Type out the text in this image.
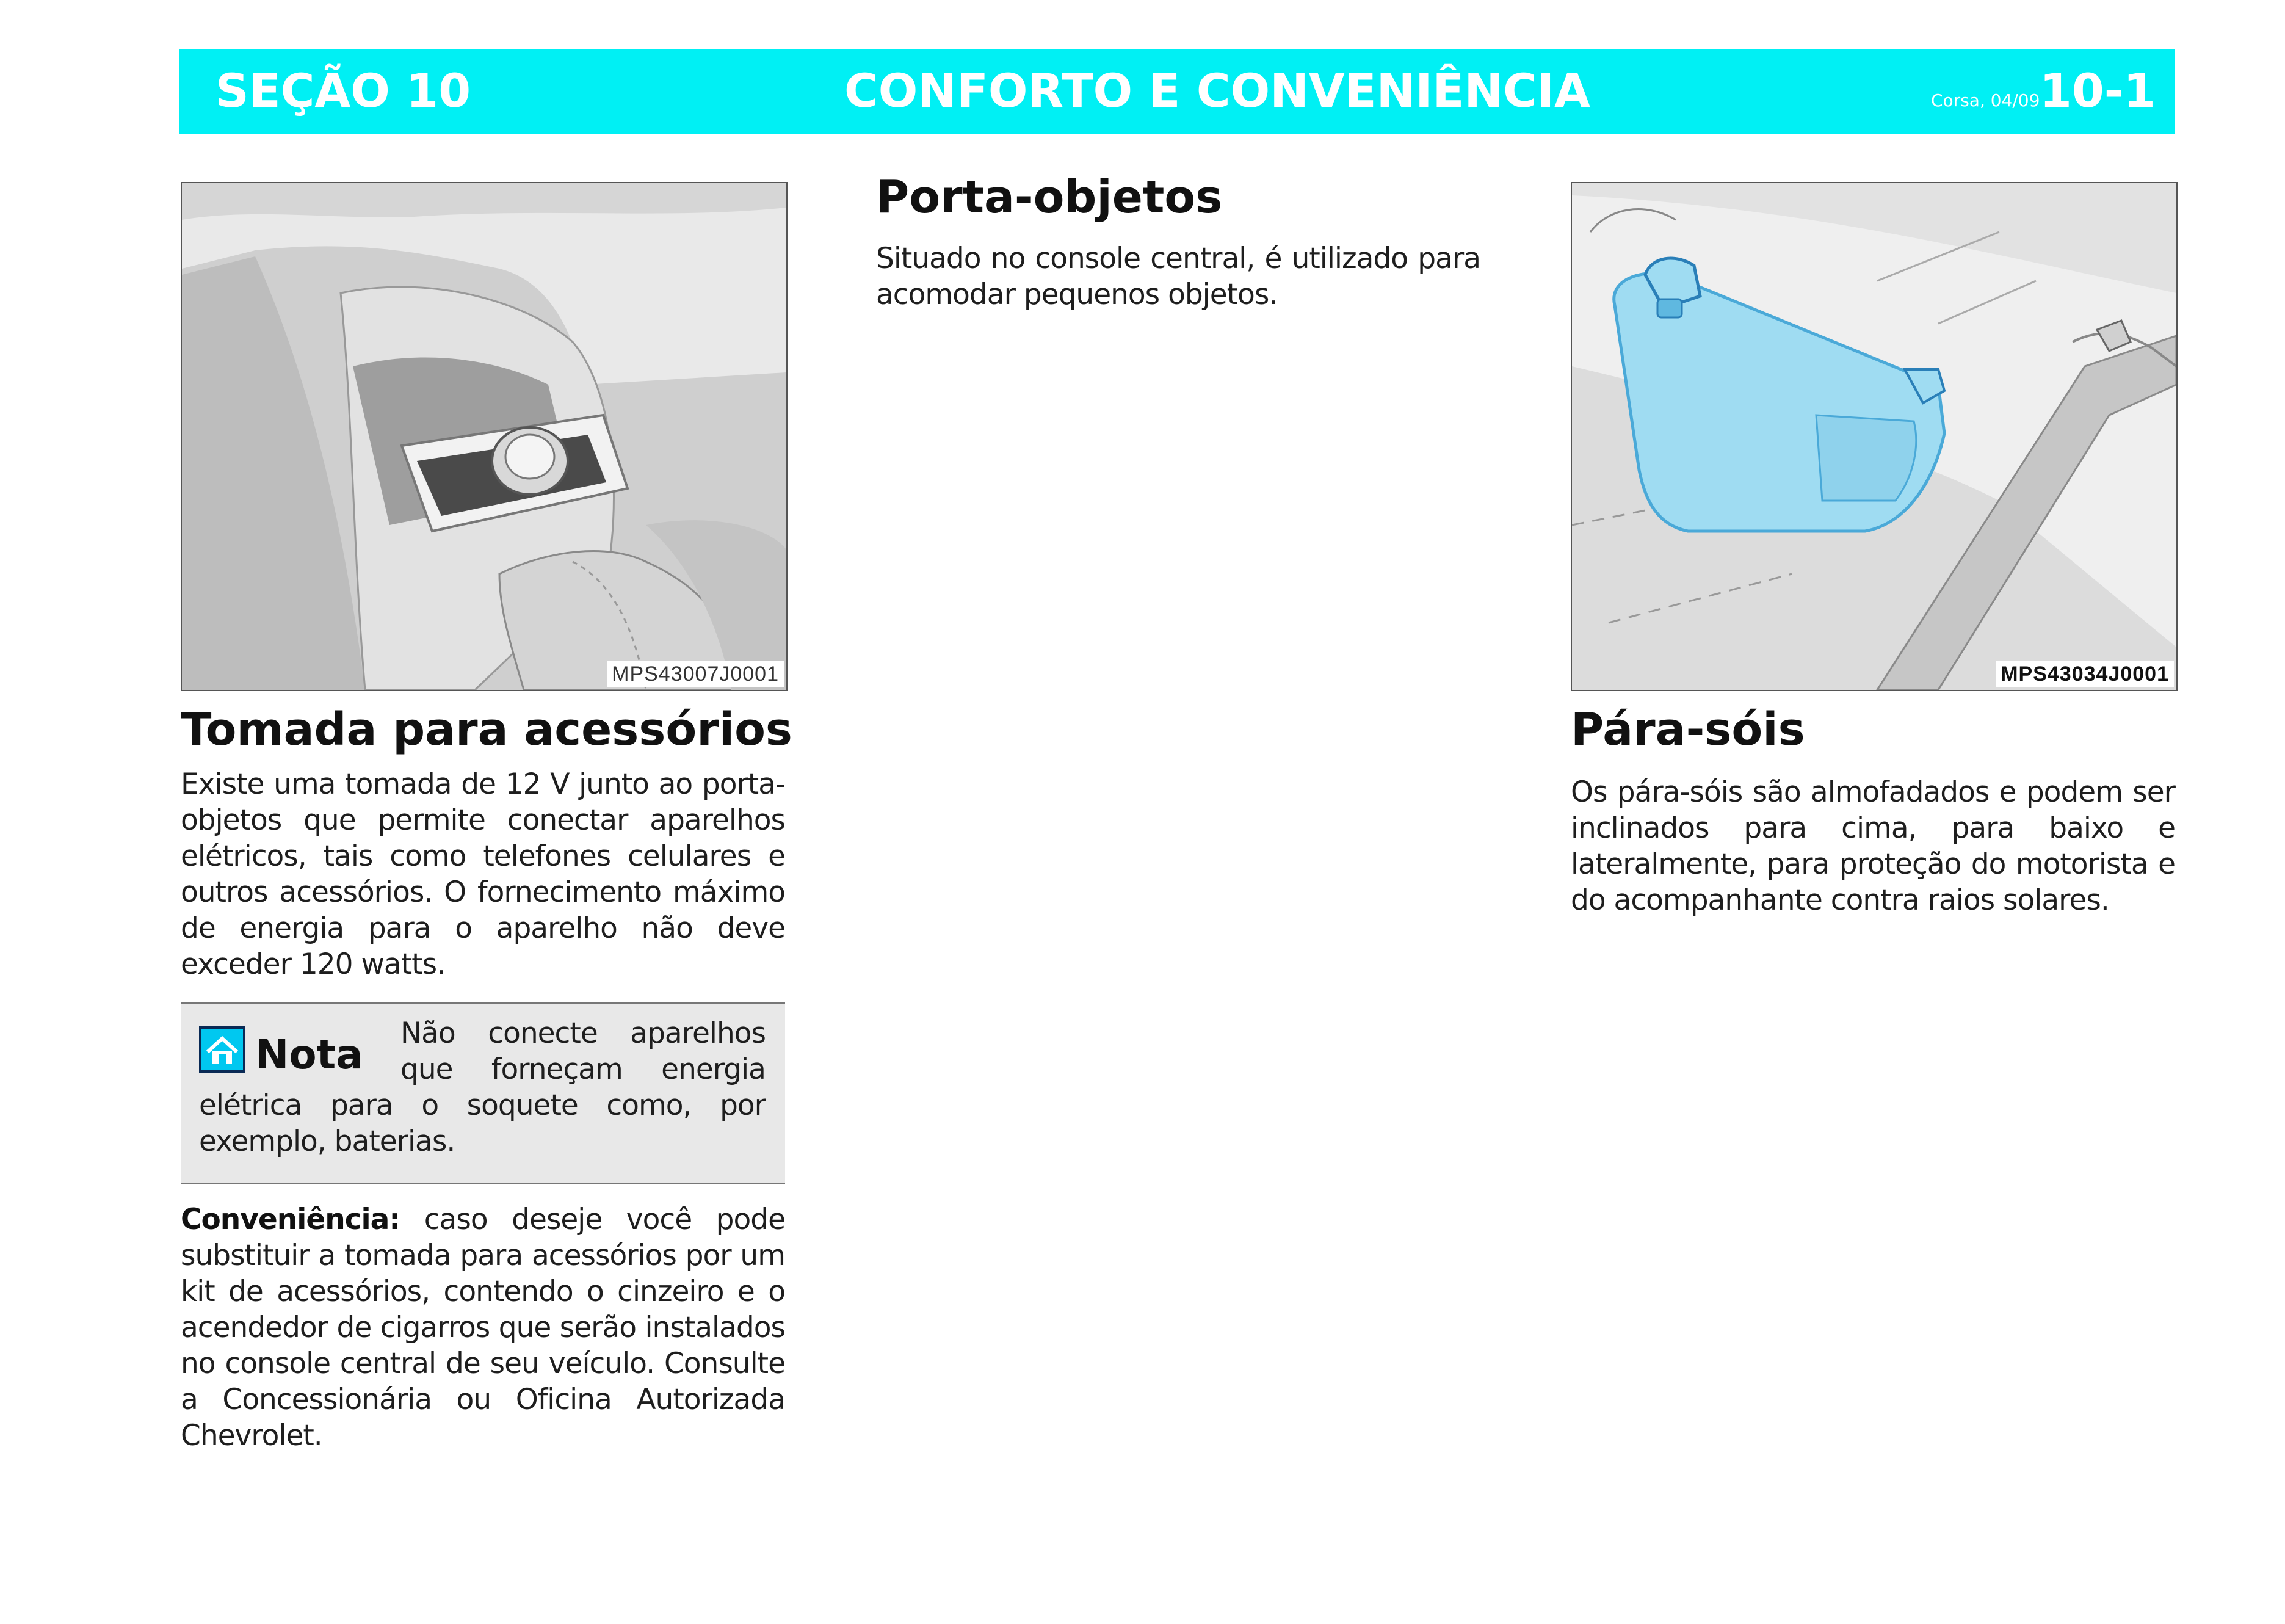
SEÇÃO 10	CONFORTO E CONVENIÊNCIA	Corsa, 04/09 10-1
MPS43007J0001	MPS43034J0001
Tomada para acessórios
Existe uma tomada de 12 V junto ao porta-objetos que permite conectar aparelhos elétricos, tais como telefones celulares e outros acessórios. O fornecimento máximo de energia para o aparelho não deve exceder 120 watts.
Nota	Não conecte aparelhos que forneçam energia elétrica para o soquete como, por exemplo, baterias.
Conveniência: caso deseje você pode substituir a tomada para acessórios por um kit de acessórios, contendo o cinzeiro e o acendedor de cigarros que serão instalados no console central de seu veículo. Consulte a Concessionária ou Oficina Autorizada Chevrolet.
Porta-objetos
Situado no console central, é utilizado para acomodar pequenos objetos.
Pára-sóis
Os pára-sóis são almofadados e podem ser inclinados para cima, para baixo e lateralmente, para proteção do motorista e do acompanhante contra raios solares.
